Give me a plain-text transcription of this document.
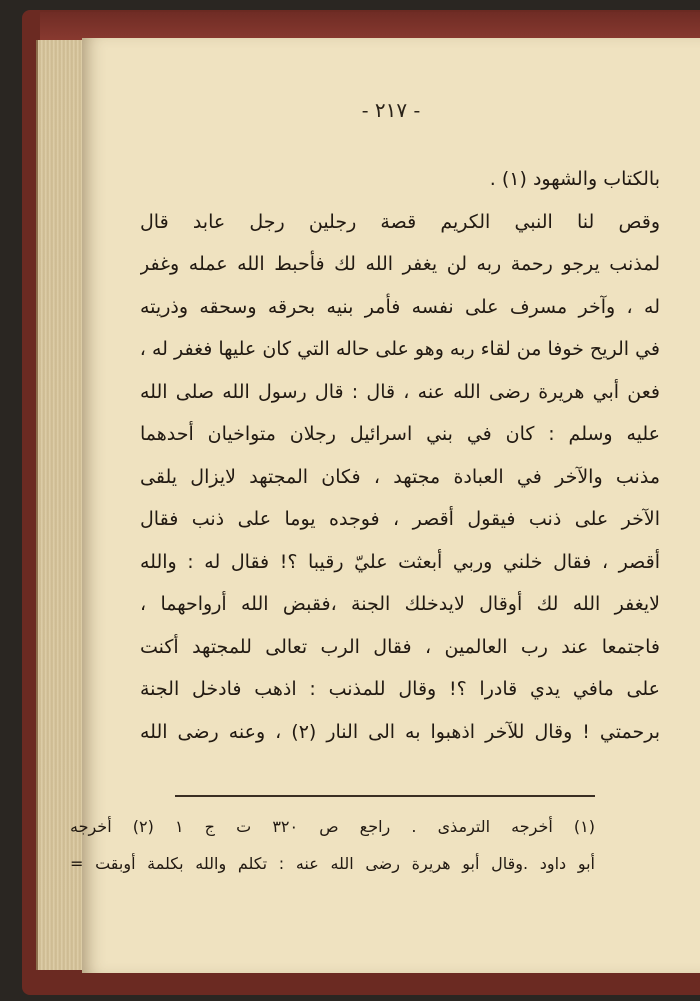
- ٢١٧ -
بالكتاب والشهود (١) .
وقص لنا النبي الكريم قصة رجلين رجل عابد قال
لمذنب يرجو رحمة ربه لن يغفر الله لك فأحبط الله عمله وغفر
له ، وآخر مسرف على نفسه فأمر بنيه بحرقه وسحقه وذريته
في الريح خوفا من لقاء ربه وهو على حاله التي كان عليها فغفر له ،
فعن أبي هريرة رضى الله عنه ، قال : قال رسول الله صلى الله
عليه وسلم : كان في بني اسرائيل رجلان متواخيان أحدهما
مذنب والآخر في العبادة مجتهد ، فكان المجتهد لايزال يلقى
الآخر على ذنب فيقول أقصر ، فوجده يوما على ذنب فقال
أقصر ، فقال خلني وربي أبعثت عليّ رقيبا ؟! فقال له : والله
لايغفر الله لك أوقال لايدخلك الجنة ،فقبض الله أرواحهما ،
فاجتمعا عند رب العالمين ، فقال الرب تعالى للمجتهد أكنت
على مافي يدي قادرا ؟! وقال للمذنب : اذهب فادخل الجنة
برحمتي ! وقال للآخر اذهبوا به الى النار (٢) ، وعنه رضى الله
(١) أخرجه الترمذى . راجع ص ٣٢٠ ت ج ١ (٢) أخرجه
أبو داود .وقال أبو هريرة رضى الله عنه : تكلم والله بكلمة أوبقت =
